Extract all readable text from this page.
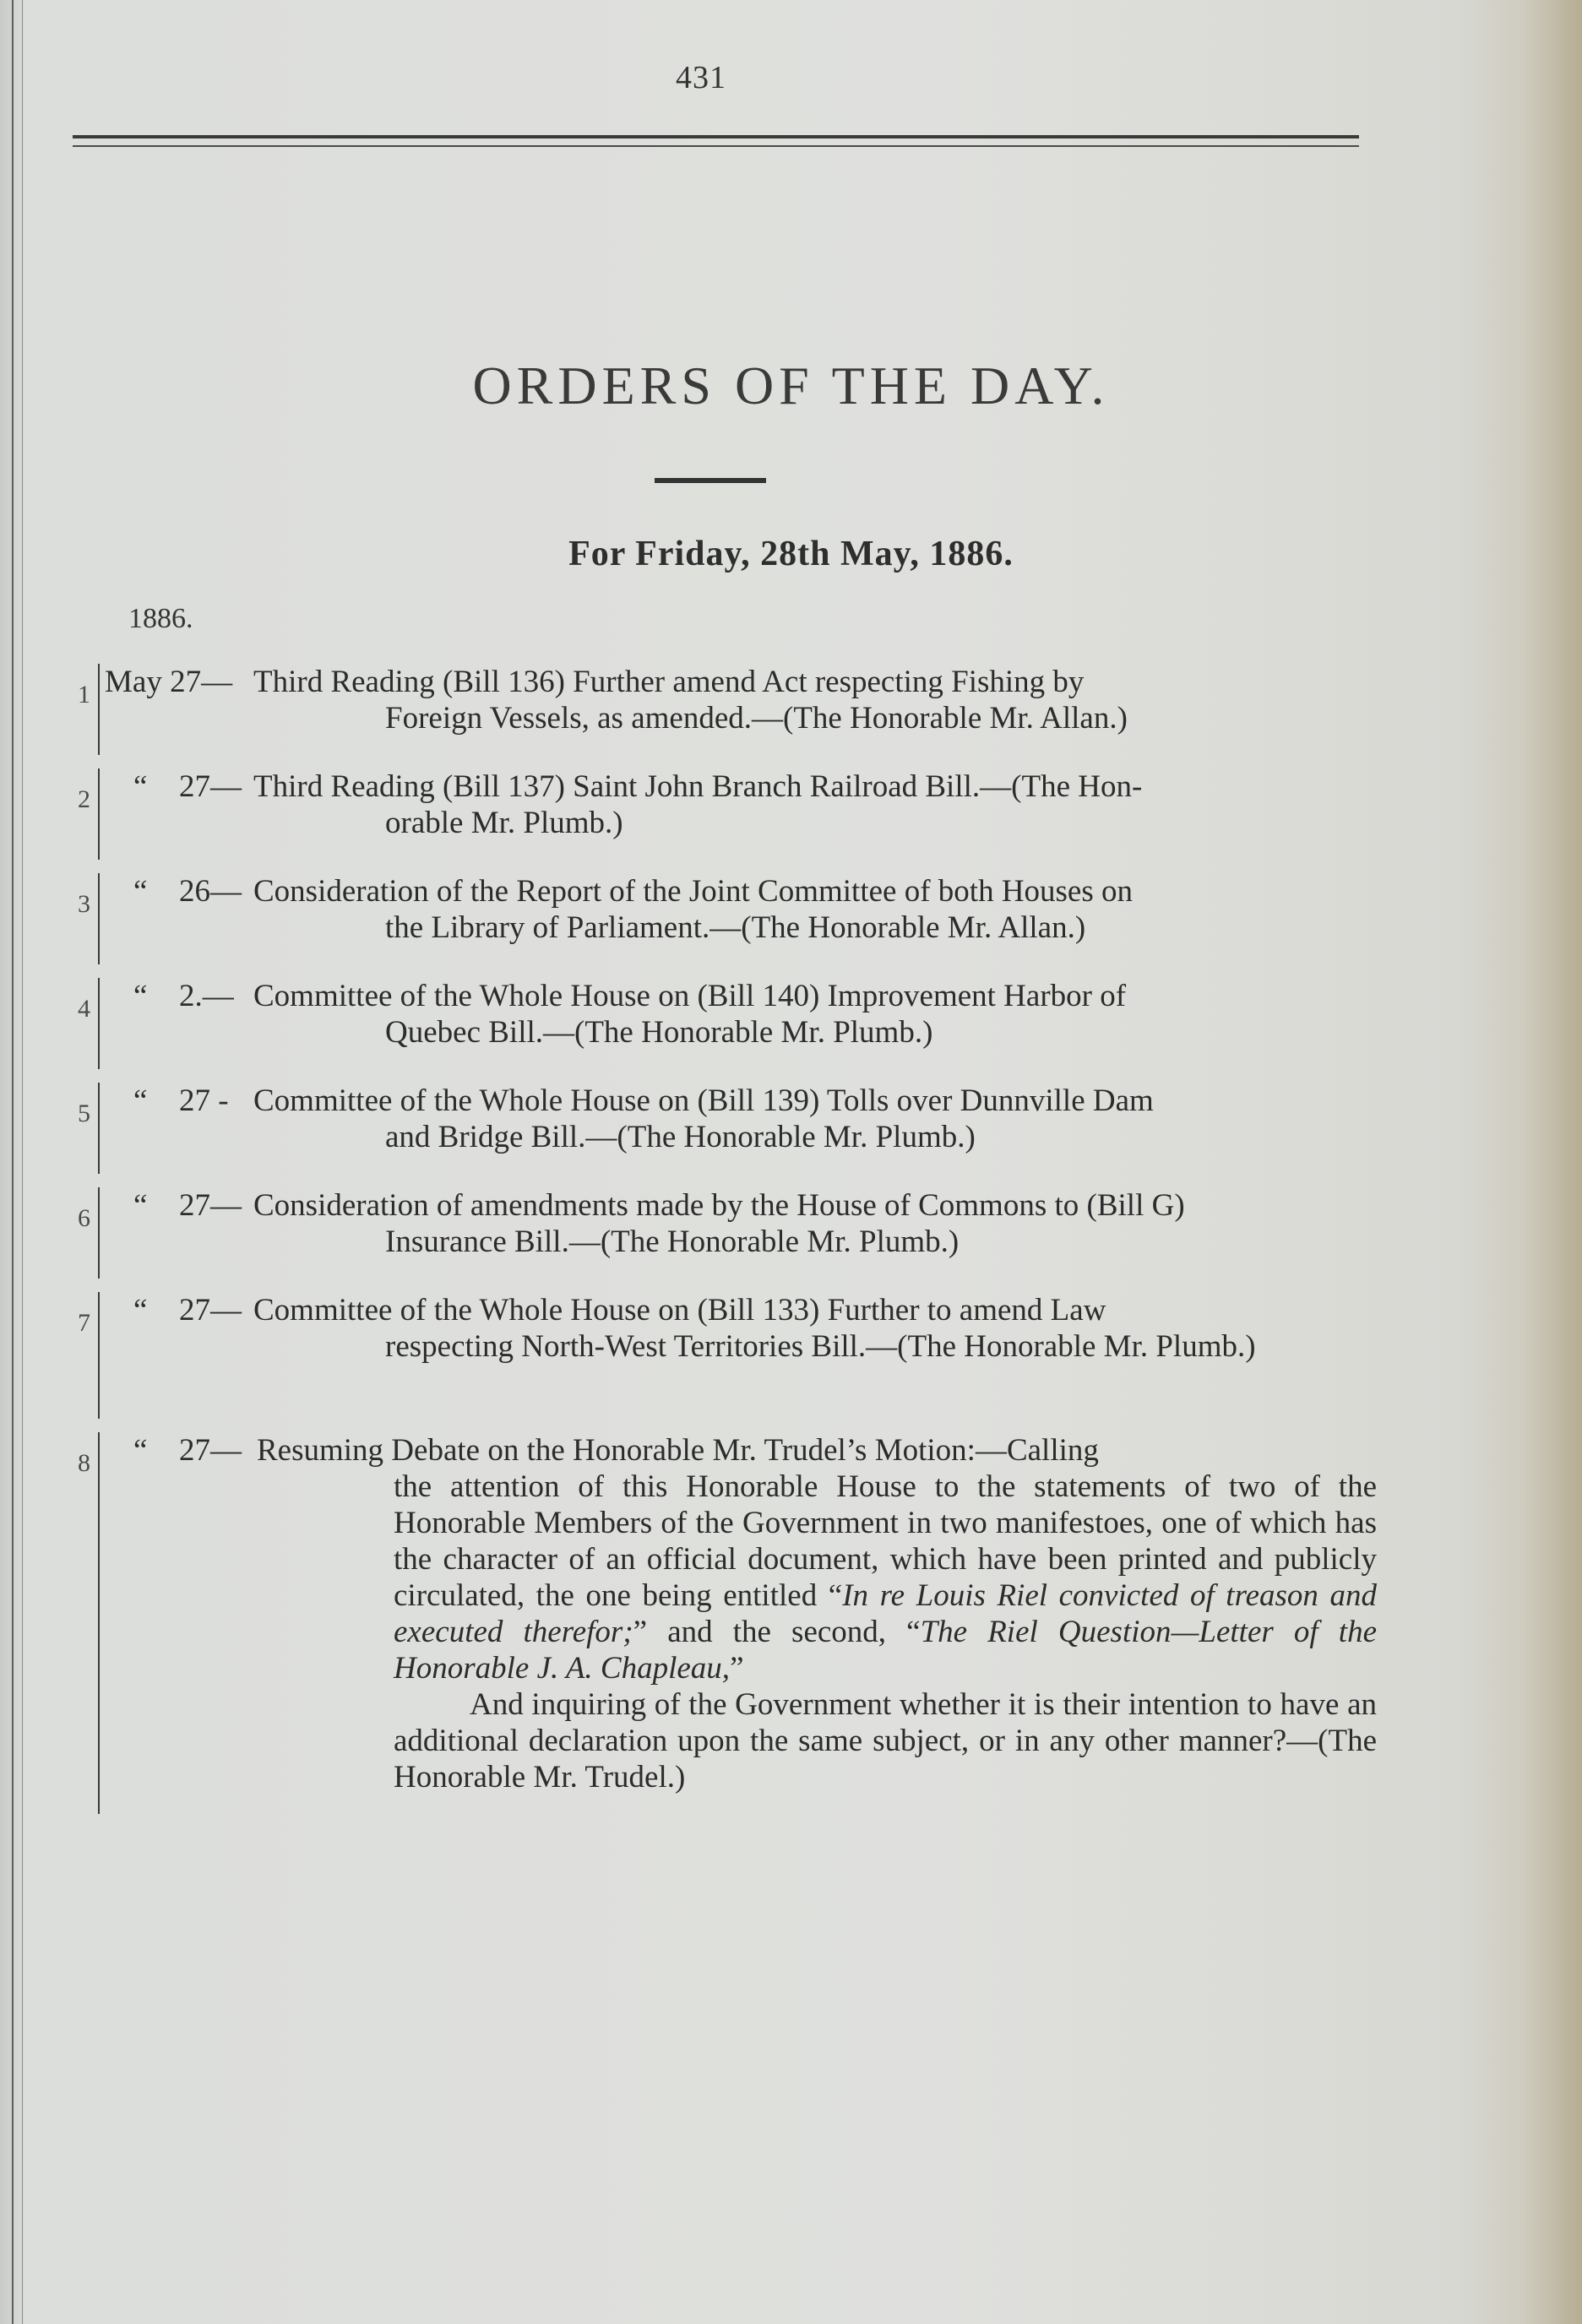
431
ORDERS OF THE DAY.
For Friday, 28th May, 1886.
1886.
1 May 27— Third Reading (Bill 136) Further amend Act respecting Fishing by

Foreign Vessels, as amended.—(The Honorable Mr. Allan.)

2 “ 27— Third Reading (Bill 137) Saint John Branch Railroad Bill.—(The Hon-

orable Mr. Plumb.)

3 “ 26— Consideration of the Report of the Joint Committee of both Houses on

the Library of Parliament.—(The Honorable Mr. Allan.)

4 “ 2.— Committee of the Whole House on (Bill 140) Improvement Harbor of

Quebec Bill.—(The Honorable Mr. Plumb.)

5 “ 27 - Committee of the Whole House on (Bill 139) Tolls over Dunnville Dam

and Bridge Bill.—(The Honorable Mr. Plumb.)

6 “ 27— Consideration of amendments made by the House of Commons to (Bill G)

Insurance Bill.—(The Honorable Mr. Plumb.)

7 “ 27— Committee of the Whole House on (Bill 133) Further to amend Law

respecting North-West Territories Bill.—(The Honorable Mr. Plumb.)

8 “ 27— Resuming Debate on the Honorable Mr. Trudel’s Motion:—Calling

the attention of this Honorable House to the statements of two of the Honorable Members of the Government in two manifestoes, one of which has the character of an official document, which have been printed and publicly circulated, the one being entitled “In re Louis Riel convicted of treason and executed therefor;” and the second, “The Riel Question—Letter of the Honorable J. A. Chapleau,”

And inquiring of the Government whether it is their intention to have an additional declaration upon the same subject, or in any other manner?—(The Honorable Mr. Trudel.)
